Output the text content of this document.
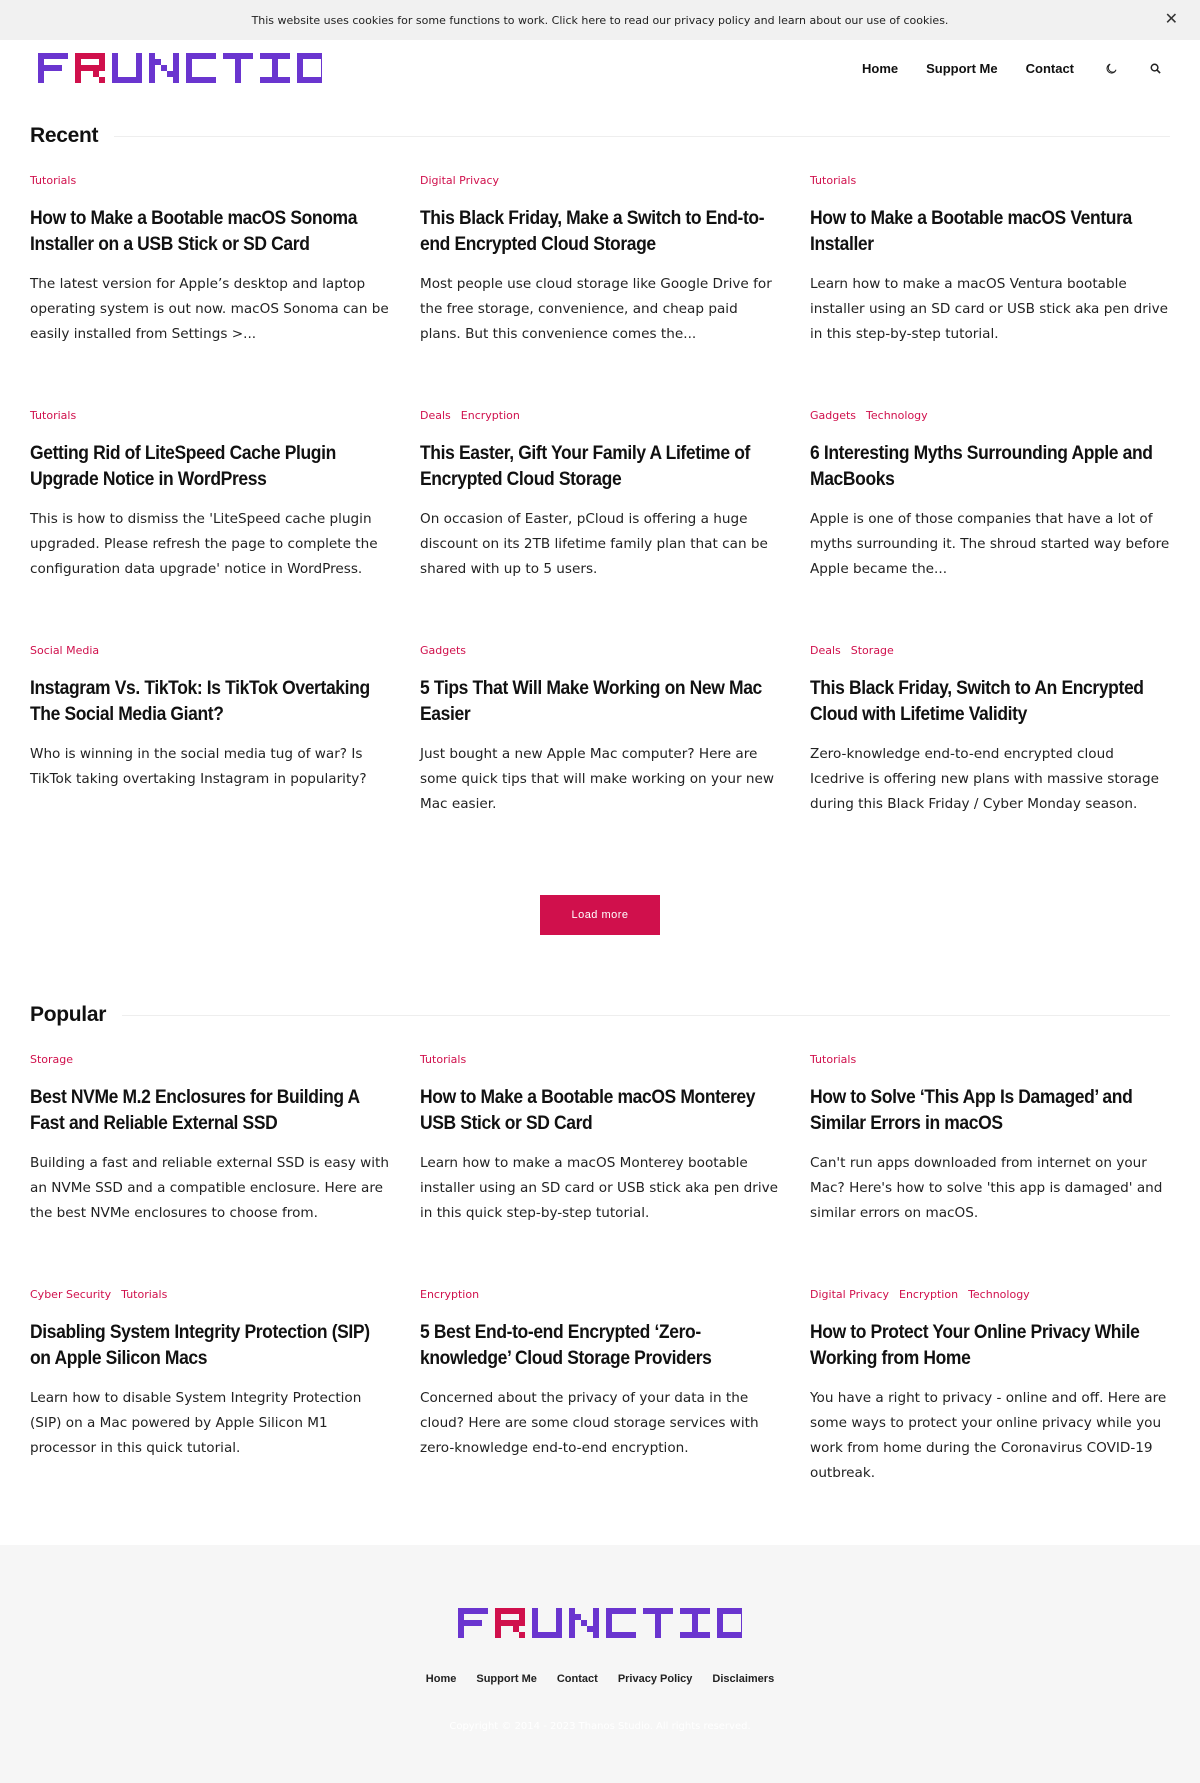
This website uses cookies for some functions to work. Click here to read our privacy policy and learn about our use of cookies.	✕
Home Support Me Contact
Recent
Tutorials
How to Make a Bootable macOS Sonoma Installer on a USB Stick or SD Card
The latest version for Apple’s desktop and laptop operating system is out now. macOS Sonoma can be easily installed from Settings >...
Digital Privacy
This Black Friday, Make a Switch to End-to-end Encrypted Cloud Storage
Most people use cloud storage like Google Drive for the free storage, convenience, and cheap paid plans. But this convenience comes the...
Tutorials
How to Make a Bootable macOS Ventura Installer
Learn how to make a macOS Ventura bootable installer using an SD card or USB stick aka pen drive in this step-by-step tutorial.
Tutorials
Getting Rid of LiteSpeed Cache Plugin Upgrade Notice in WordPress
This is how to dismiss the 'LiteSpeed cache plugin upgraded. Please refresh the page to complete the configuration data upgrade' notice in WordPress.
Deals Encryption
This Easter, Gift Your Family A Lifetime of Encrypted Cloud Storage
On occasion of Easter, pCloud is offering a huge discount on its 2TB lifetime family plan that can be shared with up to 5 users.
Gadgets Technology
6 Interesting Myths Surrounding Apple and MacBooks
Apple is one of those companies that have a lot of myths surrounding it. The shroud started way before Apple became the...
Social Media
Instagram Vs. TikTok: Is TikTok Overtaking The Social Media Giant?
Who is winning in the social media tug of war? Is TikTok taking overtaking Instagram in popularity?
Gadgets
5 Tips That Will Make Working on New Mac Easier
Just bought a new Apple Mac computer? Here are some quick tips that will make working on your new Mac easier.
Deals Storage
This Black Friday, Switch to An Encrypted Cloud with Lifetime Validity
Zero-knowledge end-to-end encrypted cloud Icedrive is offering new plans with massive storage during this Black Friday / Cyber Monday season.
Load more
Popular
Storage
Best NVMe M.2 Enclosures for Building A Fast and Reliable External SSD
Building a fast and reliable external SSD is easy with an NVMe SSD and a compatible enclosure. Here are the best NVMe enclosures to choose from.
Tutorials
How to Make a Bootable macOS Monterey USB Stick or SD Card
Learn how to make a macOS Monterey bootable installer using an SD card or USB stick aka pen drive in this quick step-by-step tutorial.
Tutorials
How to Solve ‘This App Is Damaged’ and Similar Errors in macOS
Can't run apps downloaded from internet on your Mac? Here's how to solve 'this app is damaged' and similar errors on macOS.
Cyber Security Tutorials
Disabling System Integrity Protection (SIP) on Apple Silicon Macs
Learn how to disable System Integrity Protection (SIP) on a Mac powered by Apple Silicon M1 processor in this quick tutorial.
Encryption
5 Best End-to-end Encrypted ‘Zero-knowledge’ Cloud Storage Providers
Concerned about the privacy of your data in the cloud? Here are some cloud storage services with zero-knowledge end-to-end encryption.
Digital Privacy Encryption Technology
How to Protect Your Online Privacy While Working from Home
You have a right to privacy - online and off. Here are some ways to protect your online privacy while you work from home during the Coronavirus COVID-19 outbreak.
Home Support Me Contact Privacy Policy Disclaimers
Copyright © 2014 - 2023 Thanos Studio. All rights reserved.
